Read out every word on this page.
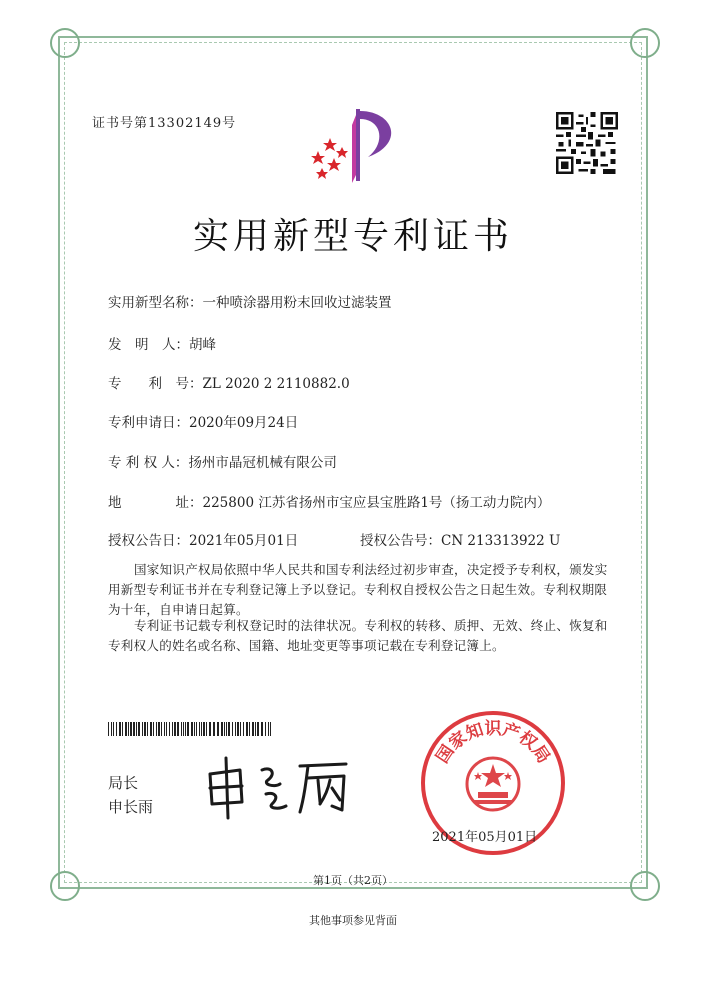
证书号第13302149号
实用新型专利证书
实用新型名称：一种喷涂器用粉末回收过滤装置
发　明　人：胡峰
专　　利　号：ZL 2020 2 2110882.0
专利申请日：2020年09月24日
专 利 权 人：扬州市晶冠机械有限公司
地　　　　址：225800 江苏省扬州市宝应县宝胜路1号（扬工动力院内）
授权公告日：2021年05月01日	授权公告号：CN 213313922 U
国家知识产权局依照中华人民共和国专利法经过初步审查，决定授予专利权，颁发实用新型专利证书并在专利登记簿上予以登记。专利权自授权公告之日起生效。专利权期限为十年，自申请日起算。
专利证书记载专利权登记时的法律状况。专利权的转移、质押、无效、终止、恢复和专利权人的姓名或名称、国籍、地址变更等事项记载在专利登记簿上。
局长
申长雨
国家知识产权局
2021年05月01日
第1页（共2页）
其他事项参见背面
